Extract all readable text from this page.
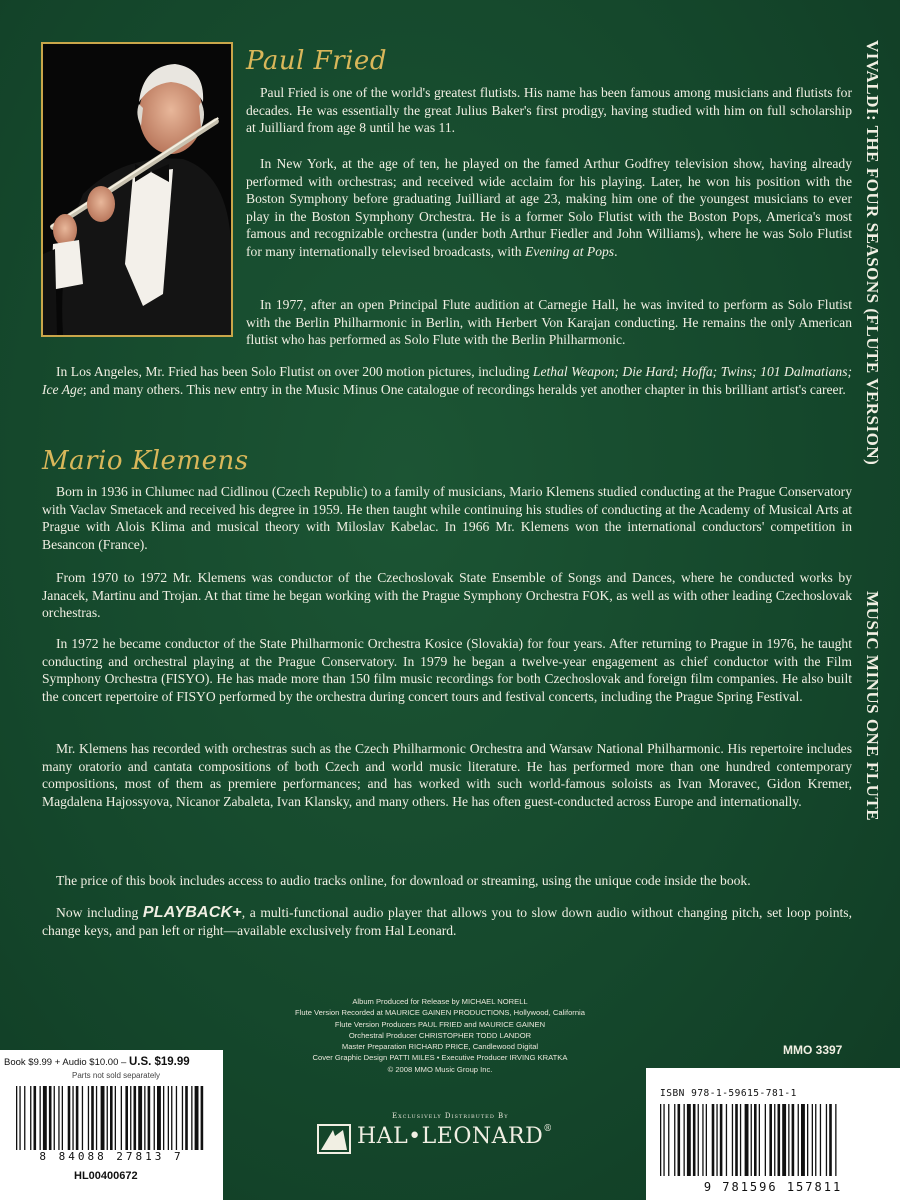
VIVALDI: THE FOUR SEASONS (FLUTE VERSION)
MUSIC MINUS ONE FLUTE
Paul Fried

Paul Fried is one of the world's greatest flutists. His name has been famous among musicians and flutists for decades. He was essentially the great Julius Baker's first prodigy, having studied with him on full scholarship at Juilliard from age 8 until he was 11.

In New York, at the age of ten, he played on the famed Arthur Godfrey television show, having already performed with orchestras; and received wide acclaim for his playing. Later, he won his position with the Boston Symphony before graduating Juilliard at age 23, making him one of the youngest musicians to ever play in the Boston Symphony Orchestra. He is a former Solo Flutist with the Boston Pops, America's most famous and recognizable orchestra (under both Arthur Fiedler and John Williams), where he was Solo Flutist for many internationally televised broadcasts, with Evening at Pops.

In 1977, after an open Principal Flute audition at Carnegie Hall, he was invited to perform as Solo Flutist with the Berlin Philharmonic in Berlin, with Herbert Von Karajan conducting. He remains the only American flutist who has performed as Solo Flute with the Berlin Philharmonic.

In Los Angeles, Mr. Fried has been Solo Flutist on over 200 motion pictures, including Lethal Weapon; Die Hard; Hoffa; Twins; 101 Dalmatians; Ice Age; and many others. This new entry in the Music Minus One catalogue of recordings heralds yet another chapter in this brilliant artist's career.

Mario Klemens

Born in 1936 in Chlumec nad Cidlinou (Czech Republic) to a family of musicians, Mario Klemens studied conducting at the Prague Conservatory with Vaclav Smetacek and received his degree in 1959. He then taught while continuing his studies of conducting at the Academy of Musical Arts at Prague with Alois Klima and musical theory with Miloslav Kabelac. In 1966 Mr. Klemens won the international conductors' competition in Besancon (France).

From 1970 to 1972 Mr. Klemens was conductor of the Czechoslovak State Ensemble of Songs and Dances, where he conducted works by Janacek, Martinu and Trojan. At that time he began working with the Prague Symphony Orchestra FOK, as well as with other leading Czechoslovak orchestras.

In 1972 he became conductor of the State Philharmonic Orchestra Kosice (Slovakia) for four years. After returning to Prague in 1976, he taught conducting and orchestral playing at the Prague Conservatory. In 1979 he began a twelve-year engagement as chief conductor with the Film Symphony Orchestra (FISYO). He has made more than 150 film music recordings for both Czechoslovak and foreign film companies. He also built the concert repertoire of FISYO performed by the orchestra during concert tours and festival concerts, including the Prague Spring Festival.

Mr. Klemens has recorded with orchestras such as the Czech Philharmonic Orchestra and Warsaw National Philharmonic. His repertoire includes many oratorio and cantata compositions of both Czech and world music literature. He has performed more than one hundred contemporary compositions, most of them as premiere performances; and has worked with such world-famous soloists as Ivan Moravec, Gidon Kremer, Magdalena Hajossyova, Nicanor Zabaleta, Ivan Klansky, and many others. He has often guest-conducted across Europe and internationally.

The price of this book includes access to audio tracks online, for download or streaming, using the unique code inside the book.

Now including PLAYBACK+, a multi-functional audio player that allows you to slow down audio without changing pitch, set loop points, change keys, and pan left or right—available exclusively from Hal Leonard.

Album Produced for Release by MICHAEL NORELL
Flute Version Recorded at MAURICE GAINEN PRODUCTIONS, Hollywood, California
Flute Version Producers PAUL FRIED and MAURICE GAINEN
Orchestral Producer CHRISTOPHER TODD LANDOR
Master Preparation RICHARD PRICE, Candlewood Digital
Cover Graphic Design PATTI MILES • Executive Producer IRVING KRATKA
© 2008 MMO Music Group Inc.
MMO 3397
Book $9.99 + Audio $10.00 – U.S. $19.99
Parts not sold separately
8 84088 27813 7
HL00400672
Exclusively Distributed By
HAL•LEONARD®
ISBN 978-1-59615-781-1
9 781596 157811
